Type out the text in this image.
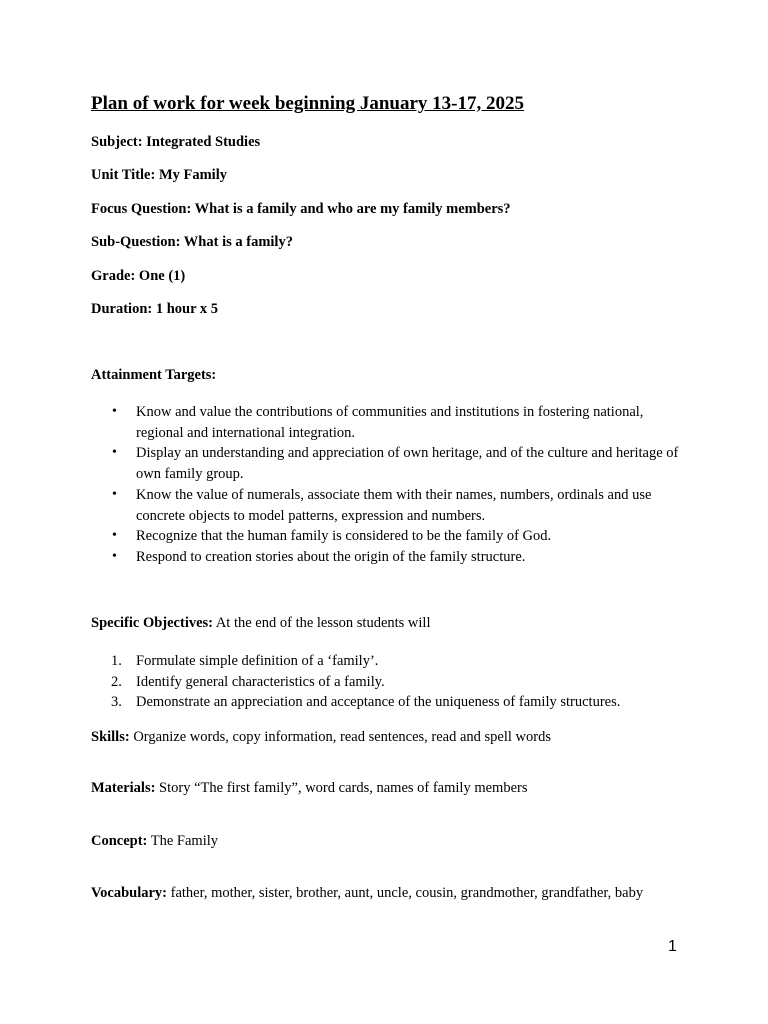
Plan of work for week beginning January 13-17, 2025
Subject: Integrated Studies
Unit Title: My Family
Focus Question: What is a family and who are my family members?
Sub-Question: What is a family?
Grade: One (1)
Duration: 1 hour x 5
Attainment Targets:
• Know and value the contributions of communities and institutions in fostering national, regional and international integration.
• Display an understanding and appreciation of own heritage, and of the culture and heritage of own family group.
• Know the value of numerals, associate them with their names, numbers, ordinals and use concrete objects to model patterns, expression and numbers.
• Recognize that the human family is considered to be the family of God.
• Respond to creation stories about the origin of the family structure.
Specific Objectives: At the end of the lesson students will
1. Formulate simple definition of a ‘family’.
2. Identify general characteristics of a family.
3. Demonstrate an appreciation and acceptance of the uniqueness of family structures.
Skills: Organize words, copy information, read sentences, read and spell words
Materials: Story “The first family”, word cards, names of family members
Concept: The Family
Vocabulary: father, mother, sister, brother, aunt, uncle, cousin, grandmother, grandfather, baby
1
